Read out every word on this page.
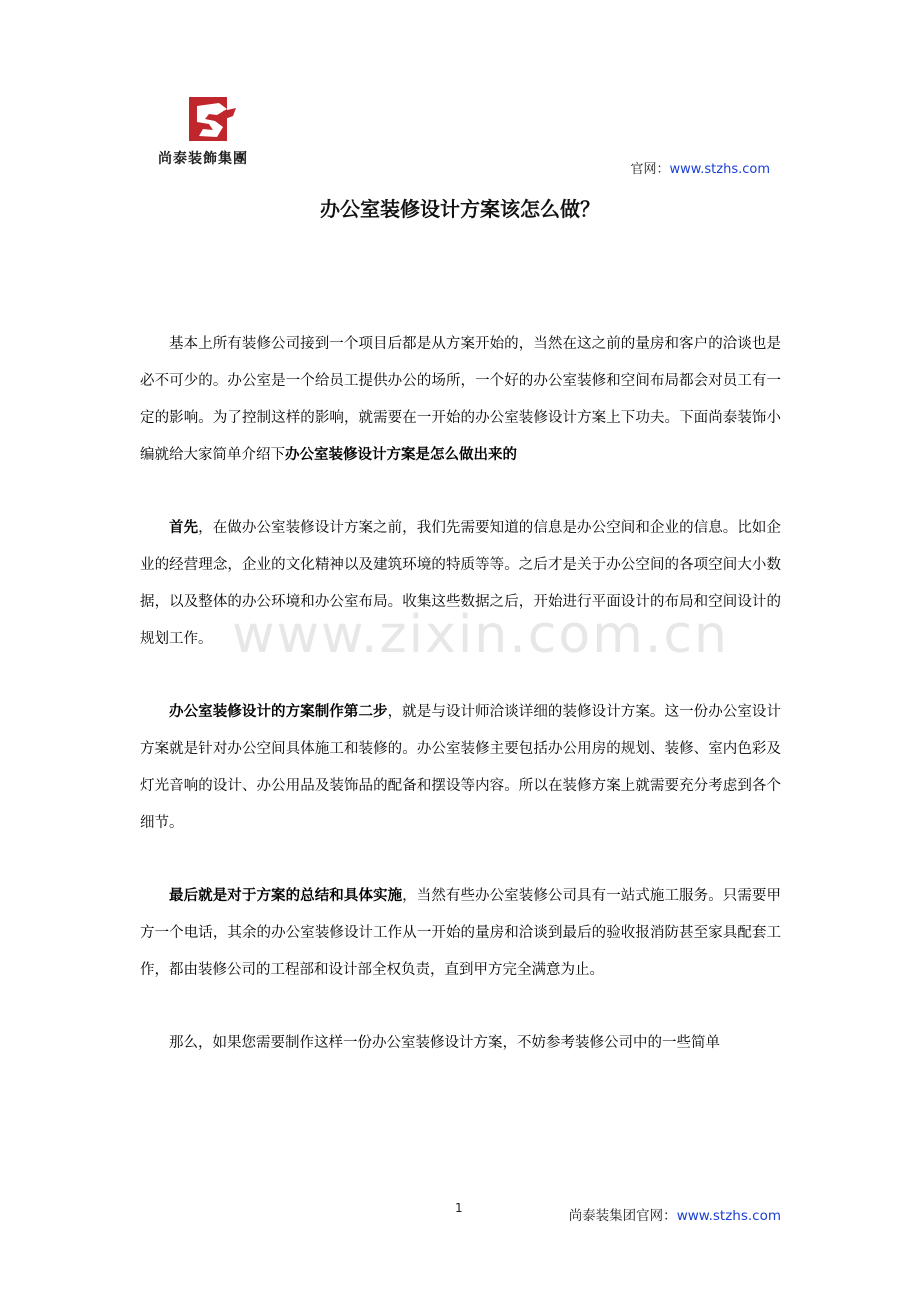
尚泰装飾集團
官网：www.stzhs.com
办公室装修设计方案该怎么做？
www.zixin.com.cn

基本上所有装修公司接到一个项目后都是从方案开始的，当然在这之前的量房和客户的洽谈也是必不可少的。办公室是一个给员工提供办公的场所，一个好的办公室装修和空间布局都会对员工有一定的影响。为了控制这样的影响，就需要在一开始的办公室装修设计方案上下功夫。下面尚泰装饰小编就给大家简单介绍下办公室装修设计方案是怎么做出来的

首先，在做办公室装修设计方案之前，我们先需要知道的信息是办公空间和企业的信息。比如企业的经营理念，企业的文化精神以及建筑环境的特质等等。之后才是关于办公空间的各项空间大小数据，以及整体的办公环境和办公室布局。收集这些数据之后，开始进行平面设计的布局和空间设计的规划工作。

办公室装修设计的方案制作第二步，就是与设计师洽谈详细的装修设计方案。这一份办公室设计方案就是针对办公空间具体施工和装修的。办公室装修主要包括办公用房的规划、装修、室内色彩及灯光音响的设计、办公用品及装饰品的配备和摆设等内容。所以在装修方案上就需要充分考虑到各个细节。

最后就是对于方案的总结和具体实施，当然有些办公室装修公司具有一站式施工服务。只需要甲方一个电话，其余的办公室装修设计工作从一开始的量房和洽谈到最后的验收报消防甚至家具配套工作，都由装修公司的工程部和设计部全权负责，直到甲方完全满意为止。

那么，如果您需要制作这样一份办公室装修设计方案，不妨参考装修公司中的一些简单

1	尚泰装集团官网：www.stzhs.com
